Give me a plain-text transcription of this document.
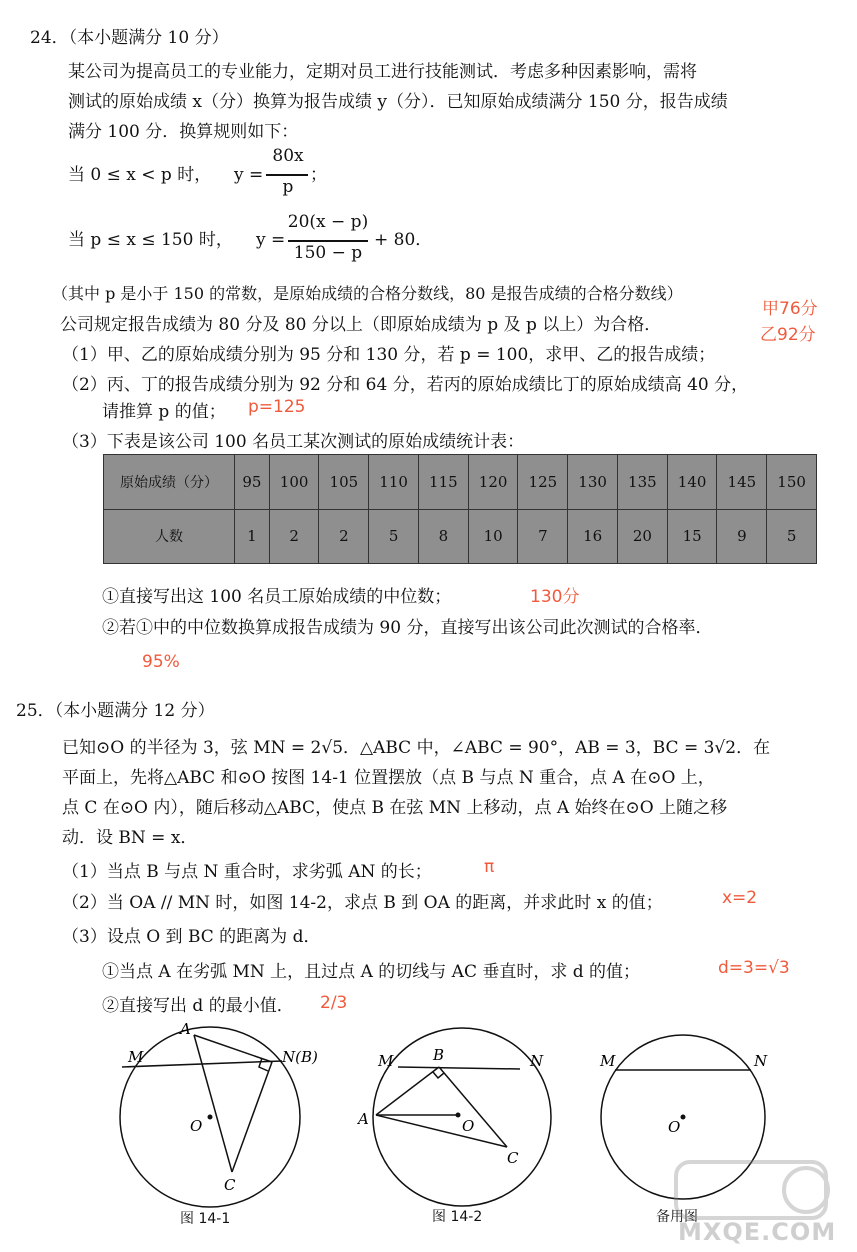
24．（本小题满分 10 分）
某公司为提高员工的专业能力，定期对员工进行技能测试．考虑多种因素影响，需将
测试的原始成绩 x（分）换算为报告成绩 y（分）．已知原始成绩满分 150 分，报告成绩
满分 100 分．换算规则如下：
当 0 ≤ x < p 时， y =
80x
p
；
当 p ≤ x ≤ 150 时， y =
20(x − p)
150 − p
+ 80．
（其中 p 是小于 150 的常数，是原始成绩的合格分数线，80 是报告成绩的合格分数线）
公司规定报告成绩为 80 分及 80 分以上（即原始成绩为 p 及 p 以上）为合格．
（1）甲、乙的原始成绩分别为 95 分和 130 分，若 p = 100，求甲、乙的报告成绩；
（2）丙、丁的报告成绩分别为 92 分和 64 分，若丙的原始成绩比丁的原始成绩高 40 分，
请推算 p 的值；
（3）下表是该公司 100 名员工某次测试的原始成绩统计表：
甲76分
乙92分
p=125
原始成绩（分）	95	100	105	110	115	120	125	130	135	140	145	150
人数	1	2	2	5	8	10	7	16	20	15	9	5
①直接写出这 100 名员工原始成绩的中位数；	130分
②若①中的中位数换算成报告成绩为 90 分，直接写出该公司此次测试的合格率．
95%
25．（本小题满分 12 分）
已知⊙O 的半径为 3，弦 MN = 2√5．△ABC 中，∠ABC = 90°，AB = 3，BC = 3√2．在
平面上，先将△ABC 和⊙O 按图 14-1 位置摆放（点 B 与点 N 重合，点 A 在⊙O 上，
点 C 在⊙O 内），随后移动△ABC，使点 B 在弦 MN 上移动，点 A 始终在⊙O 上随之移
动．设 BN = x．
（1）当点 B 与点 N 重合时，求劣弧 AN 的长；	π
（2）当 OA // MN 时，如图 14-2，求点 B 到 OA 的距离，并求此时 x 的值；	x=2
（3）设点 O 到 BC 的距离为 d．
①当点 A 在劣弧 MN 上，且过点 A 的切线与 AC 垂直时，求 d 的值；	d=3=√3
②直接写出 d 的最小值． 2/3
A
M	N(B)
O
C
B
M	N
A	O
C
M	N
O
图 14-1	图 14-2	备用图
MXQE.COM
